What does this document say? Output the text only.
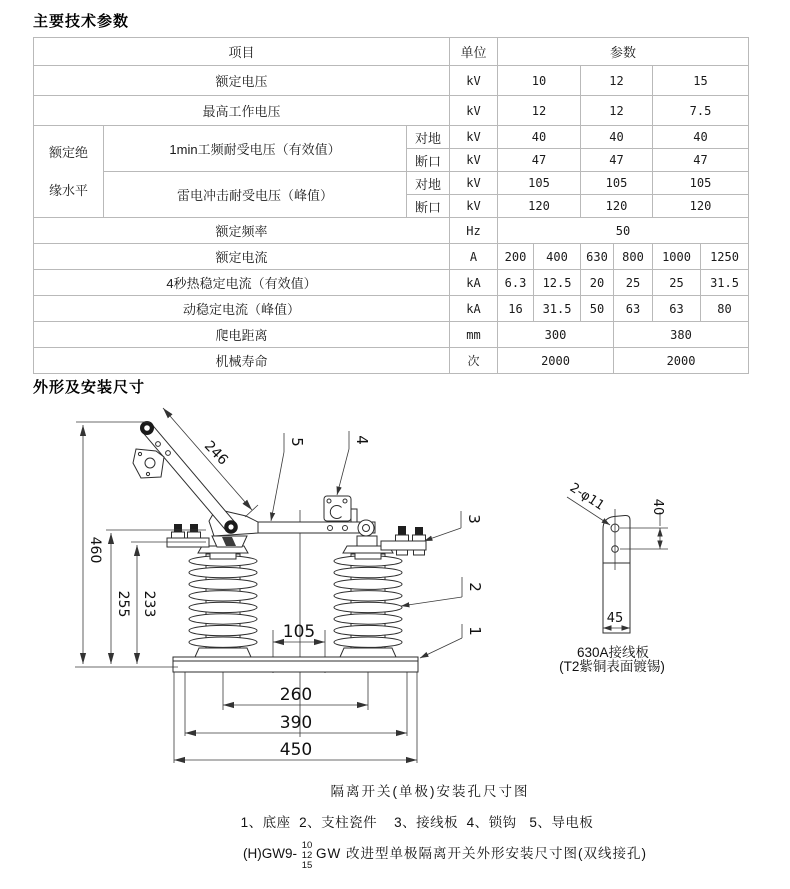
主要技术参数
项目			单位	参数					
额定电压			kV	10		12		15	
最高工作电压			kV	12		12		7.5	
额定绝缘水平	1min工频耐受电压（有效值）	对地	kV	40		40		40	
		断口	kV	47		47		47	
	雷电冲击耐受电压（峰值）	对地	kV	105		105		105	
		断口	kV	120		120		120	
额定频率			Hz	50					
额定电流			A	200	400	630	800	1000	1250
4秒热稳定电流（有效值）			kA	6.3	12.5	20	25	25	31.5
动稳定电流（峰值）			kA	16	31.5	50	63	63	80
爬电距离			mm	300			380		
机械寿命			次	2000			2000		
外形及安装尺寸
460
255 233
246
105
260
390
450
5	4
3
2
1
40
2-φ11
45
630A接线板
(T2紫铜表面镀锡)
隔离开关(单极)安装孔尺寸图
1、底座  2、支柱瓷件    3、接线板  4、锁钩   5、导电板
(H)GW9-
10
12
15
GW 改进型单极隔离开关外形安装尺寸图(双线接孔)
